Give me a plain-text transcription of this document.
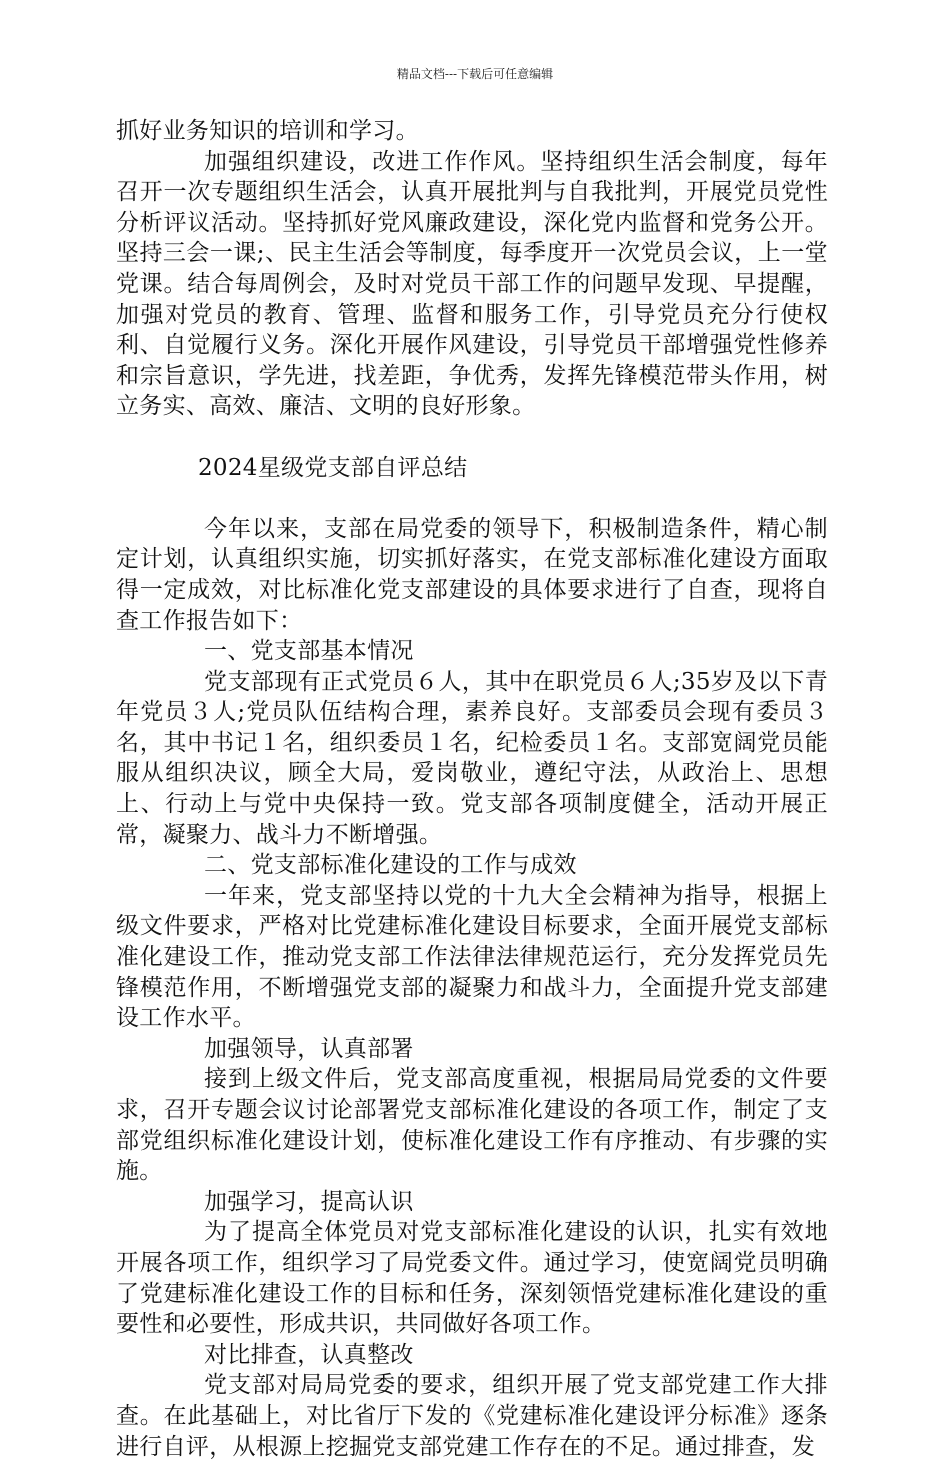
精品文档---下载后可任意编辑

抓好业务知识的培训和学习。

加强组织建设，改进工作作风。坚持组织生活会制度，每年召开一次专题组织生活会，认真开展批判与自我批判，开展党员党性分析评议活动。坚持抓好党风廉政建设，深化党内监督和党务公开。坚持三会一课;、民主生活会等制度，每季度开一次党员会议，上一堂党课。结合每周例会，及时对党员干部工作的问题早发现、早提醒，加强对党员的教育、管理、监督和服务工作，引导党员充分行使权利、自觉履行义务。深化开展作风建设，引导党员干部增强党性修养和宗旨意识，学先进，找差距，争优秀，发挥先锋模范带头作用，树立务实、高效、廉洁、文明的良好形象。

2024星级党支部自评总结

今年以来，支部在局党委的领导下，积极制造条件，精心制定计划，认真组织实施，切实抓好落实，在党支部标准化建设方面取得一定成效，对比标准化党支部建设的具体要求进行了自查，现将自查工作报告如下：

一、党支部基本情况

党支部现有正式党员６人，其中在职党员６人;35岁及以下青年党员３人;党员队伍结构合理，素养良好。支部委员会现有委员３名，其中书记１名，组织委员１名，纪检委员１名。支部宽阔党员能服从组织决议，顾全大局，爱岗敬业，遵纪守法，从政治上、思想上、行动上与党中央保持一致。党支部各项制度健全，活动开展正常，凝聚力、战斗力不断增强。

二、党支部标准化建设的工作与成效

一年来，党支部坚持以党的十九大全会精神为指导，根据上级文件要求，严格对比党建标准化建设目标要求，全面开展党支部标准化建设工作，推动党支部工作法律法律规范运行，充分发挥党员先锋模范作用，不断增强党支部的凝聚力和战斗力，全面提升党支部建设工作水平。

加强领导，认真部署

接到上级文件后，党支部高度重视，根据局局党委的文件要求，召开专题会议讨论部署党支部标准化建设的各项工作，制定了支部党组织标准化建设计划，使标准化建设工作有序推动、有步骤的实施。

加强学习，提高认识

为了提高全体党员对党支部标准化建设的认识，扎实有效地开展各项工作，组织学习了局党委文件。通过学习，使宽阔党员明确了党建标准化建设工作的目标和任务，深刻领悟党建标准化建设的重要性和必要性，形成共识，共同做好各项工作。

对比排查，认真整改

党支部对局局党委的要求，组织开展了党支部党建工作大排查。在此基础上，对比省厅下发的《党建标准化建设评分标准》逐条进行自评，从根源上挖掘党支部党建工作存在的不足。通过排查，发
